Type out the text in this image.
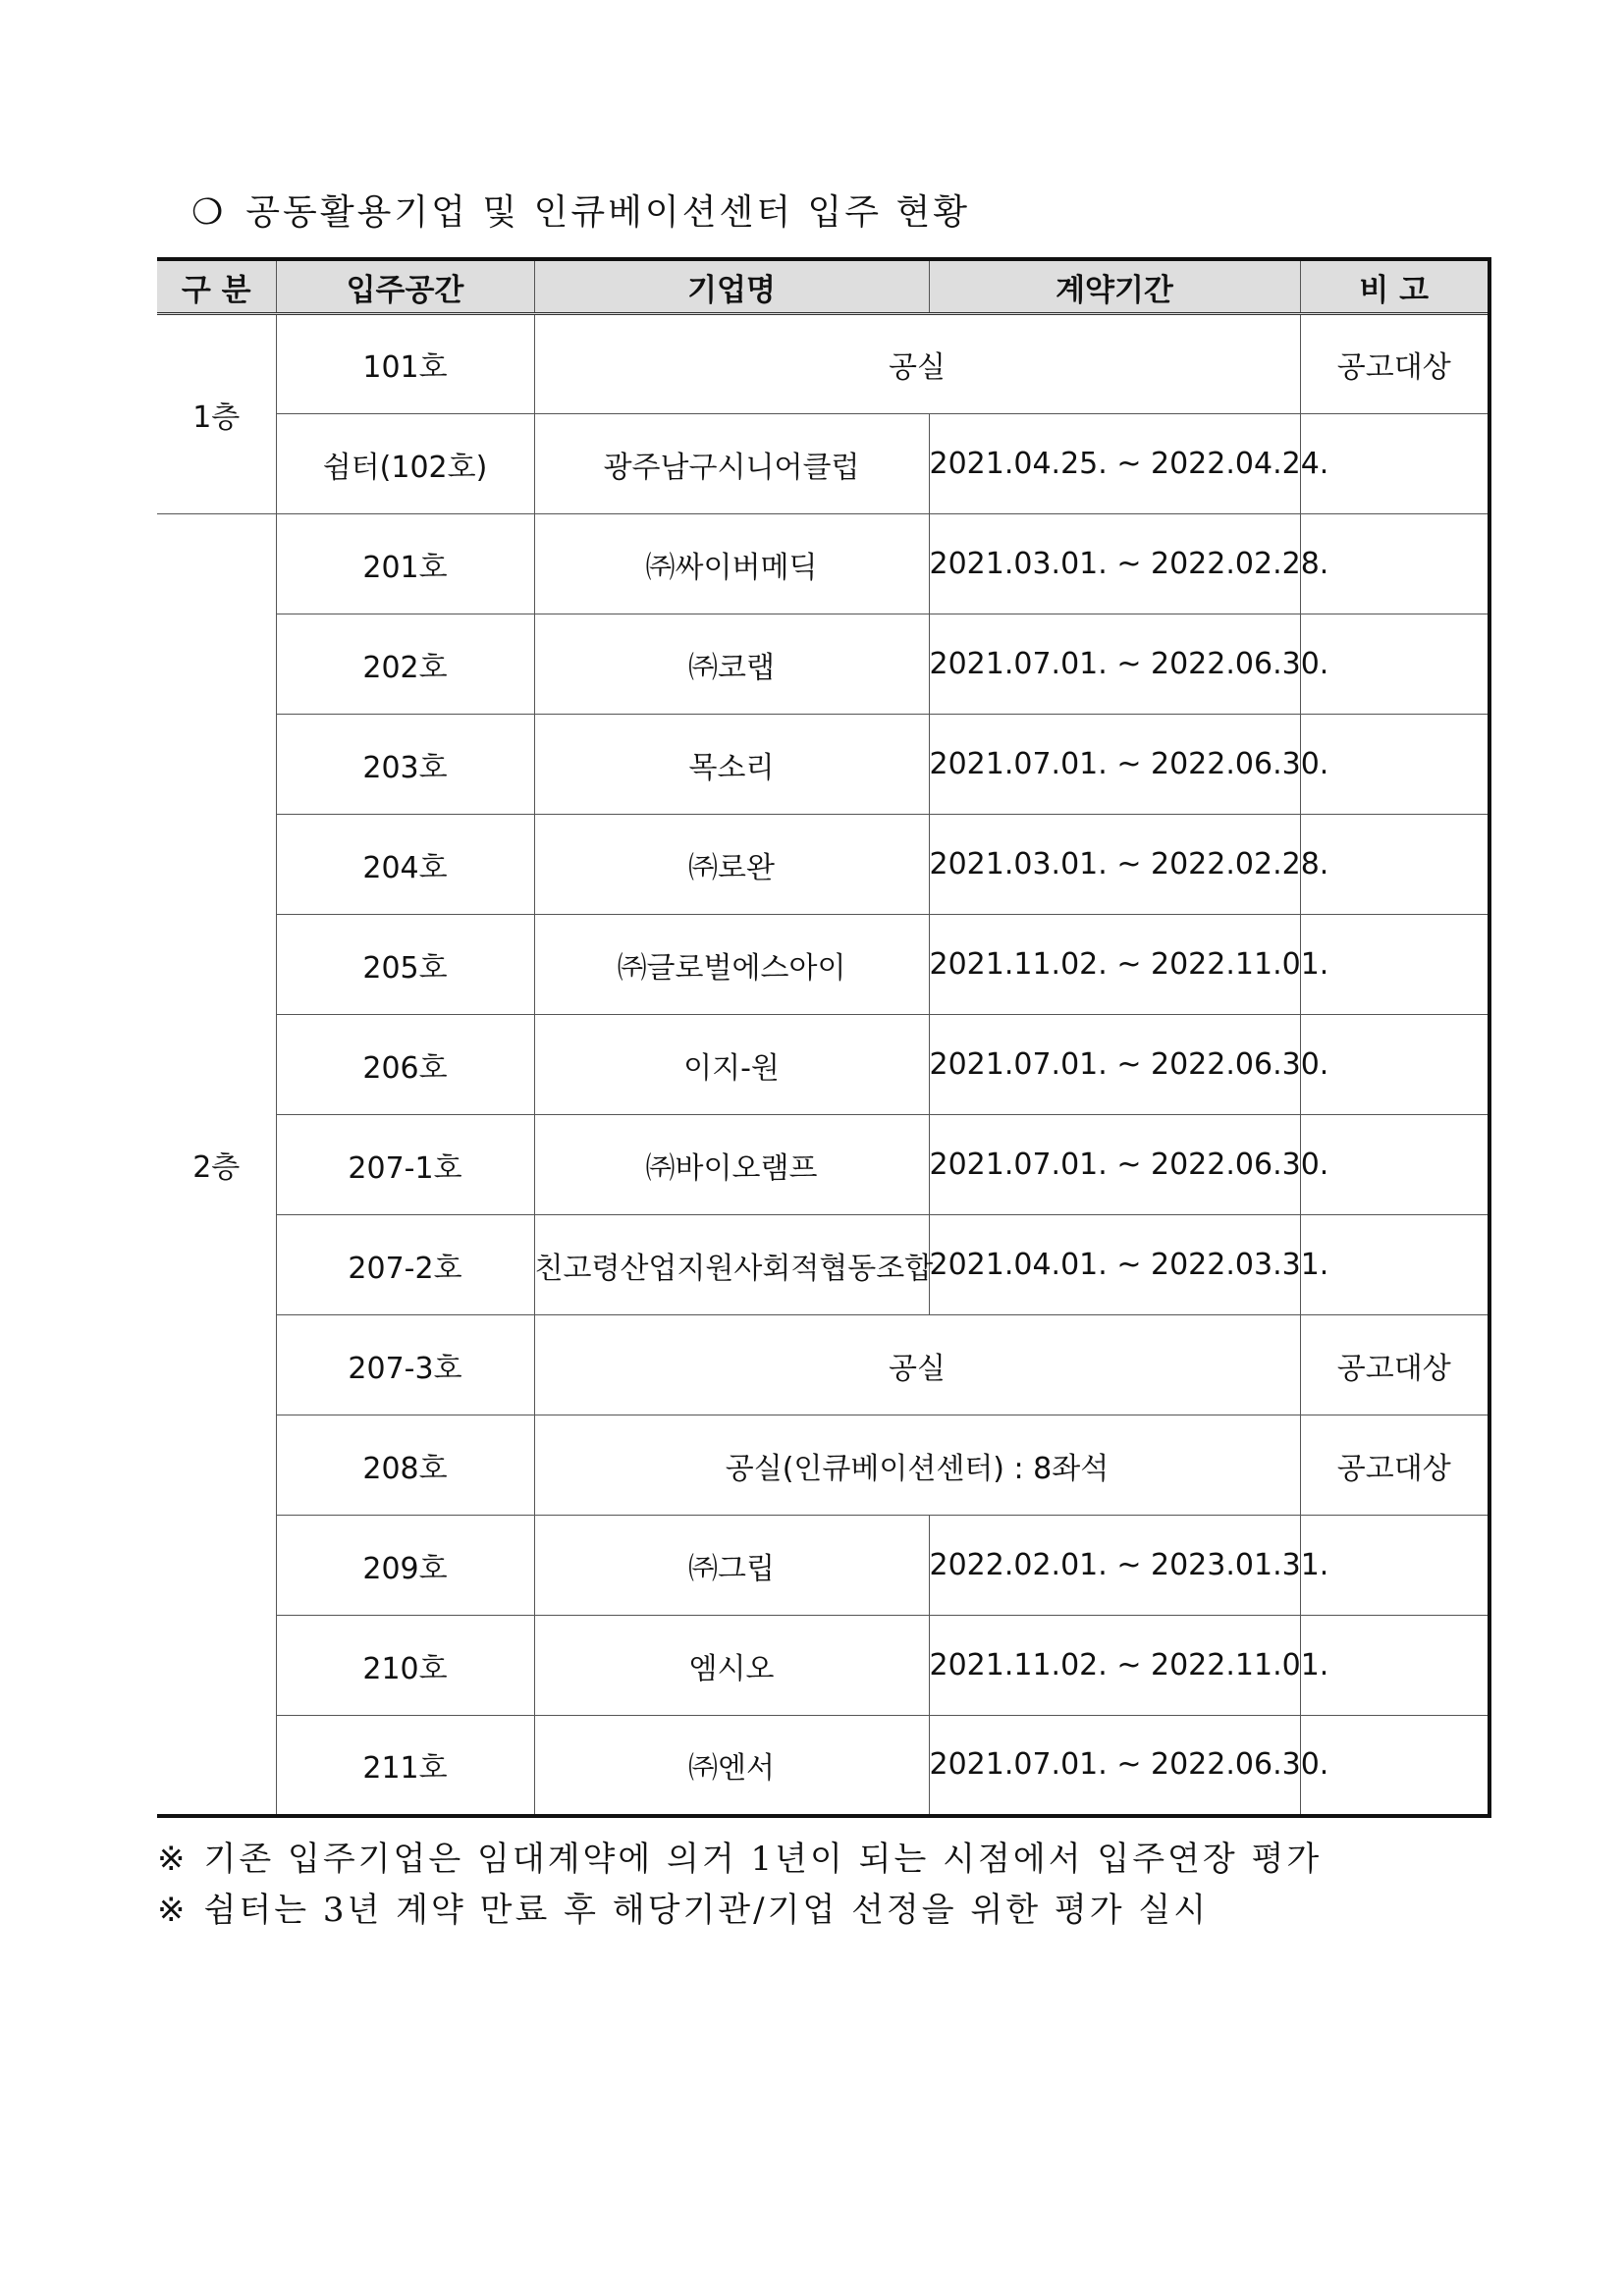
❍ 공동활용기업 및 인큐베이션센터 입주 현황
구 분	입주공간	기업명	계약기간	비 고
1층	101호	공실		공고대상
	쉼터(102호)	광주남구시니어클럽	2021.04.25. ~ 2022.04.24.	
2층	201호	㈜싸이버메딕	2021.03.01. ~ 2022.02.28.	
	202호	㈜코랩	2021.07.01. ~ 2022.06.30.	
	203호	목소리	2021.07.01. ~ 2022.06.30.	
	204호	㈜로완	2021.03.01. ~ 2022.02.28.	
	205호	㈜글로벌에스아이	2021.11.02. ~ 2022.11.01.	
	206호	이지-원	2021.07.01. ~ 2022.06.30.	
	207-1호	㈜바이오램프	2021.07.01. ~ 2022.06.30.	
	207-2호	친고령산업지원사회적협동조합	2021.04.01. ~ 2022.03.31.	
	207-3호	공실		공고대상
	208호	공실(인큐베이션센터) : 8좌석		공고대상
	209호	㈜그립	2022.02.01. ~ 2023.01.31.	
	210호	엠시오	2021.11.02. ~ 2022.11.01.	
	211호	㈜엔서	2021.07.01. ~ 2022.06.30.	
※ 기존 입주기업은 임대계약에 의거 1년이 되는 시점에서 입주연장 평가
※ 쉼터는 3년 계약 만료 후 해당기관/기업 선정을 위한 평가 실시
